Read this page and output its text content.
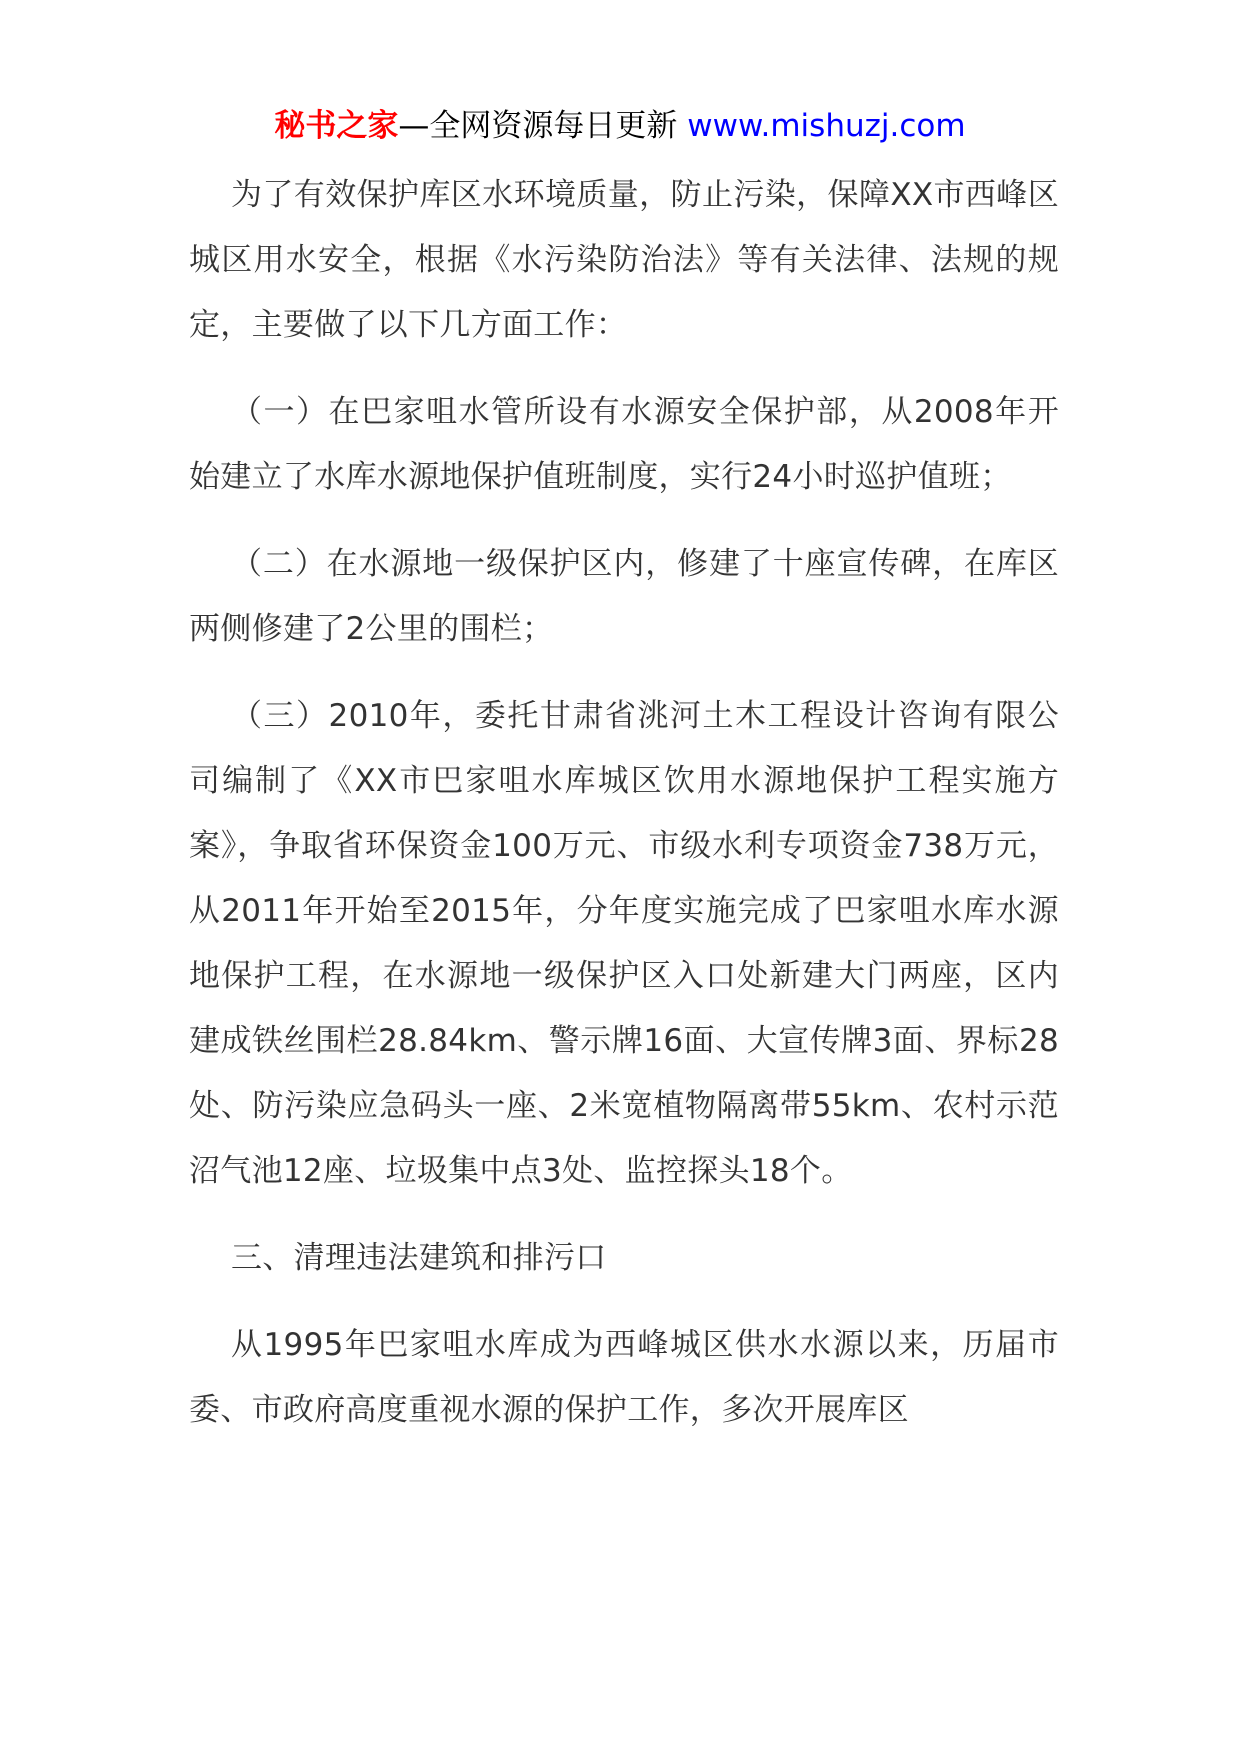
秘书之家—全网资源每日更新 www.mishuzj.com

为了有效保护库区水环境质量，防止污染，保障XX市西峰区城区用水安全，根据《水污染防治法》等有关法律、法规的规定，主要做了以下几方面工作：

（一）在巴家咀水管所设有水源安全保护部，从2008年开始建立了水库水源地保护值班制度，实行24小时巡护值班；

（二）在水源地一级保护区内，修建了十座宣传碑，在库区两侧修建了2公里的围栏；

（三）2010年，委托甘肃省洮河土木工程设计咨询有限公司编制了《XX市巴家咀水库城区饮用水源地保护工程实施方案》，争取省环保资金100万元、市级水利专项资金738万元，从2011年开始至2015年，分年度实施完成了巴家咀水库水源地保护工程，在水源地一级保护区入口处新建大门两座，区内建成铁丝围栏28.84km、警示牌16面、大宣传牌3面、界标28处、防污染应急码头一座、2米宽植物隔离带55km、农村示范沼气池12座、垃圾集中点3处、监控探头18个。

三、清理违法建筑和排污口

从1995年巴家咀水库成为西峰城区供水水源以来，历届市委、市政府高度重视水源的保护工作，多次开展库区
